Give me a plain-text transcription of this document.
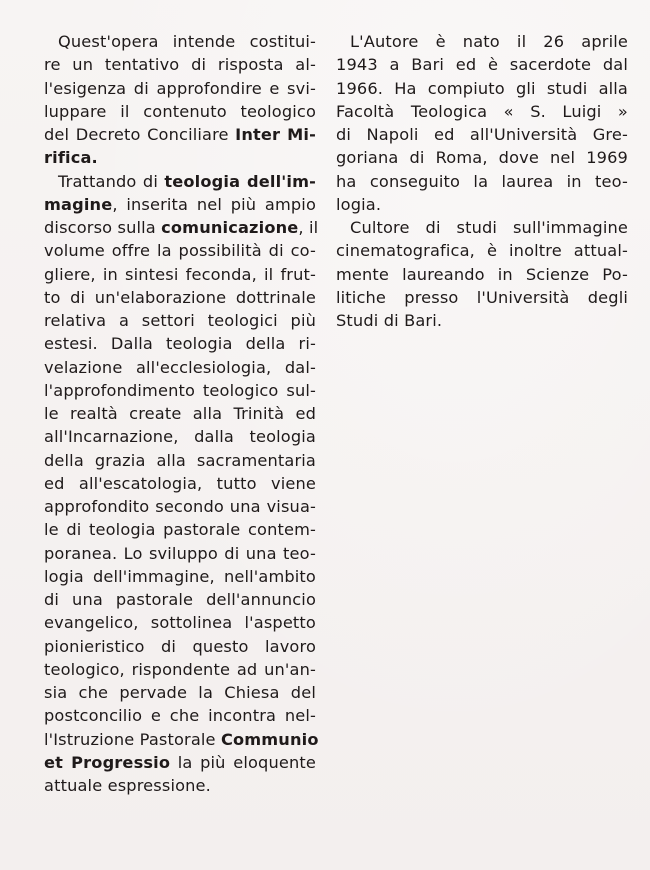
Quest'opera intende costitui-
re un tentativo di risposta al-
l'esigenza di approfondire e svi-
luppare il contenuto teologico
del Decreto Conciliare Inter Mi-
rifica.
Trattando di teologia dell'im-
magine, inserita nel più ampio
discorso sulla comunicazione, il
volume offre la possibilità di co-
gliere, in sintesi feconda, il frut-
to di un'elaborazione dottrinale
relativa a settori teologici più
estesi. Dalla teologia della ri-
velazione all'ecclesiologia, dal-
l'approfondimento teologico sul-
le realtà create alla Trinità ed
all'Incarnazione, dalla teologia
della grazia alla sacramentaria
ed all'escatologia, tutto viene
approfondito secondo una visua-
le di teologia pastorale contem-
poranea. Lo sviluppo di una teo-
logia dell'immagine, nell'ambito
di una pastorale dell'annuncio
evangelico, sottolinea l'aspetto
pionieristico di questo lavoro
teologico, rispondente ad un'an-
sia che pervade la Chiesa del
postconcilio e che incontra nel-
l'Istruzione Pastorale Communio
et Progressio la più eloquente
attuale espressione.
L'Autore è nato il 26 aprile
1943 a Bari ed è sacerdote dal
1966. Ha compiuto gli studi alla
Facoltà Teologica « S. Luigi »
di Napoli ed all'Università Gre-
goriana di Roma, dove nel 1969
ha conseguito la laurea in teo-
logia.
Cultore di studi sull'immagine
cinematografica, è inoltre attual-
mente laureando in Scienze Po-
litiche presso l'Università degli
Studi di Bari.
